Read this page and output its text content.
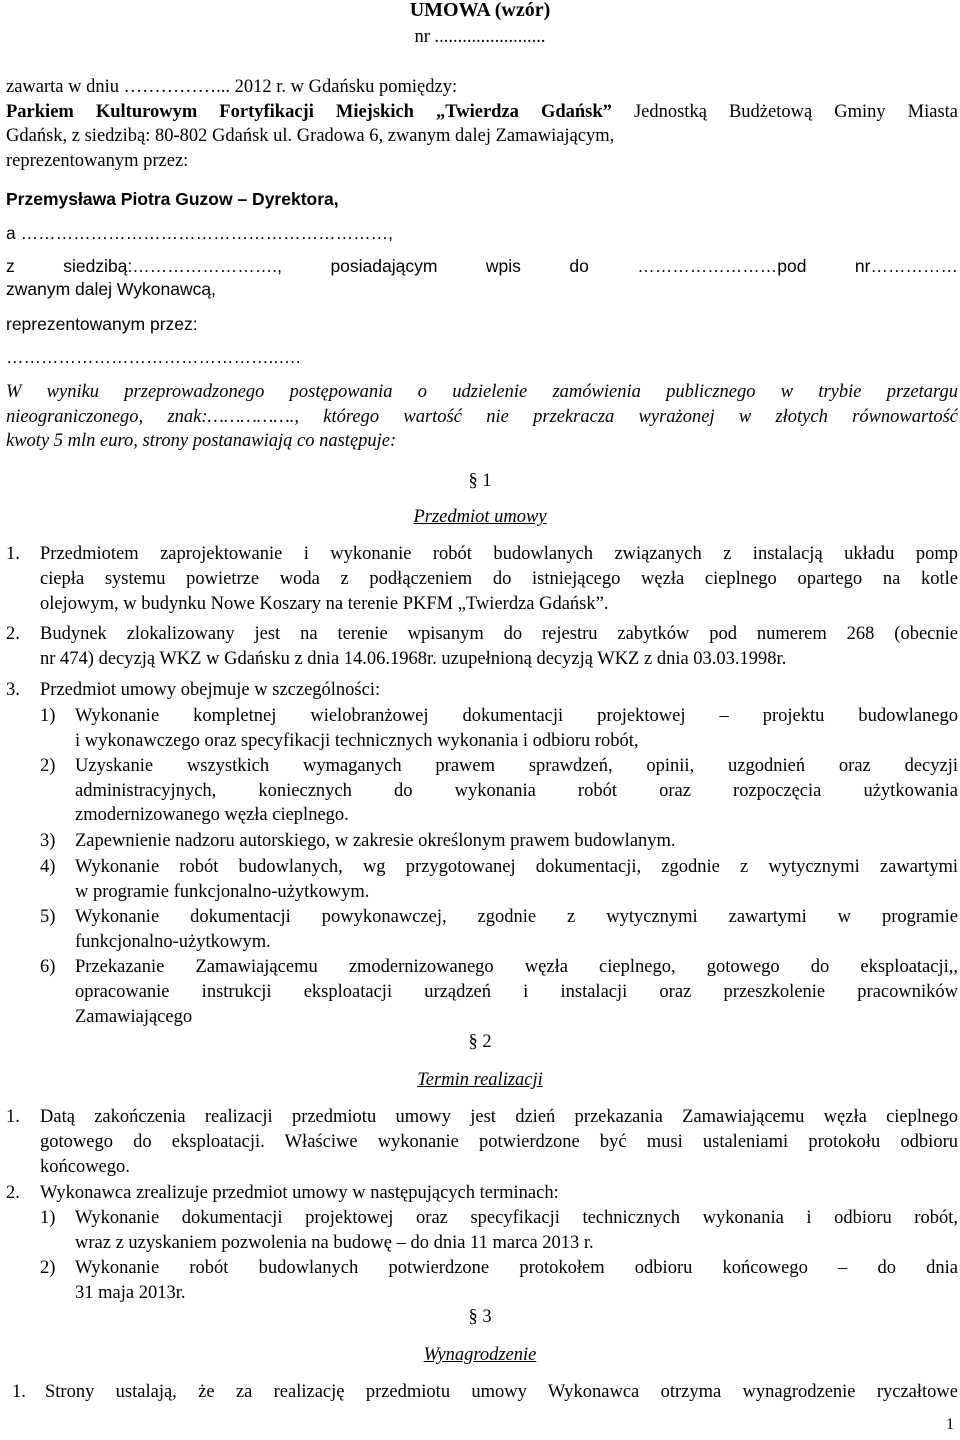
UMOWA (wzór)
nr ........................
zawarta w dniu ……………... 2012 r. w Gdańsku pomiędzy:
Parkiem Kulturowym Fortyfikacji Miejskich „Twierdza Gdańsk” Jednostką Budżetową Gminy Miasta
Gdańsk, z siedzibą: 80-802 Gdańsk ul. Gradowa 6, zwanym dalej Zamawiającym,
reprezentowanym przez:
Przemysława Piotra Guzow – Dyrektora,
a ………………………………………………………,
z siedzibą:……………………., posiadającym wpis do ……………………pod nr……………
zwanym dalej Wykonawcą,
reprezentowanym przez:
………………………………………..….
W wyniku przeprowadzonego postępowania o udzielenie zamówienia publicznego w trybie przetargu
nieograniczonego, znak:……………., którego wartość nie przekracza wyrażonej w złotych równowartość
kwoty 5 mln euro, strony postanawiają co następuje:
§ 1
Przedmiot umowy
1. Przedmiotem zaprojektowanie i wykonanie robót budowlanych związanych z instalacją układu pomp
ciepła systemu powietrze woda z podłączeniem do istniejącego węzła cieplnego opartego na kotle
olejowym, w budynku Nowe Koszary na terenie PKFM „Twierdza Gdańsk”.
2. Budynek zlokalizowany jest na terenie wpisanym do rejestru zabytków pod numerem 268 (obecnie
nr 474) decyzją WKZ w Gdańsku z dnia 14.06.1968r. uzupełnioną decyzją WKZ z dnia 03.03.1998r.
3. Przedmiot umowy obejmuje w szczególności:
1) Wykonanie kompletnej wielobranżowej dokumentacji projektowej – projektu budowlanego
i wykonawczego oraz specyfikacji technicznych wykonania i odbioru robót,
2) Uzyskanie wszystkich wymaganych prawem sprawdzeń, opinii, uzgodnień oraz decyzji
administracyjnych, koniecznych do wykonania robót oraz rozpoczęcia użytkowania
zmodernizowanego węzła cieplnego.
3) Zapewnienie nadzoru autorskiego, w zakresie określonym prawem budowlanym.
4) Wykonanie robót budowlanych, wg przygotowanej dokumentacji, zgodnie z wytycznymi zawartymi
w programie funkcjonalno-użytkowym.
5) Wykonanie dokumentacji powykonawczej, zgodnie z wytycznymi zawartymi w programie
funkcjonalno-użytkowym.
6) Przekazanie Zamawiającemu zmodernizowanego węzła cieplnego, gotowego do eksploatacji,,
opracowanie instrukcji eksploatacji urządzeń i instalacji oraz przeszkolenie pracowników
Zamawiającego
§ 2
Termin realizacji
1. Datą zakończenia realizacji przedmiotu umowy jest dzień przekazania Zamawiającemu węzła cieplnego
gotowego do eksploatacji. Właściwe wykonanie potwierdzone być musi ustaleniami protokołu odbioru
końcowego.
2. Wykonawca zrealizuje przedmiot umowy w następujących terminach:
1) Wykonanie dokumentacji projektowej oraz specyfikacji technicznych wykonania i odbioru robót,
wraz z uzyskaniem pozwolenia na budowę – do dnia 11 marca 2013 r.
2) Wykonanie robót budowlanych potwierdzone protokołem odbioru końcowego – do dnia
31 maja 2013r.
§ 3
Wynagrodzenie
1. Strony ustalają, że za realizację przedmiotu umowy Wykonawca otrzyma wynagrodzenie ryczałtowe
1
